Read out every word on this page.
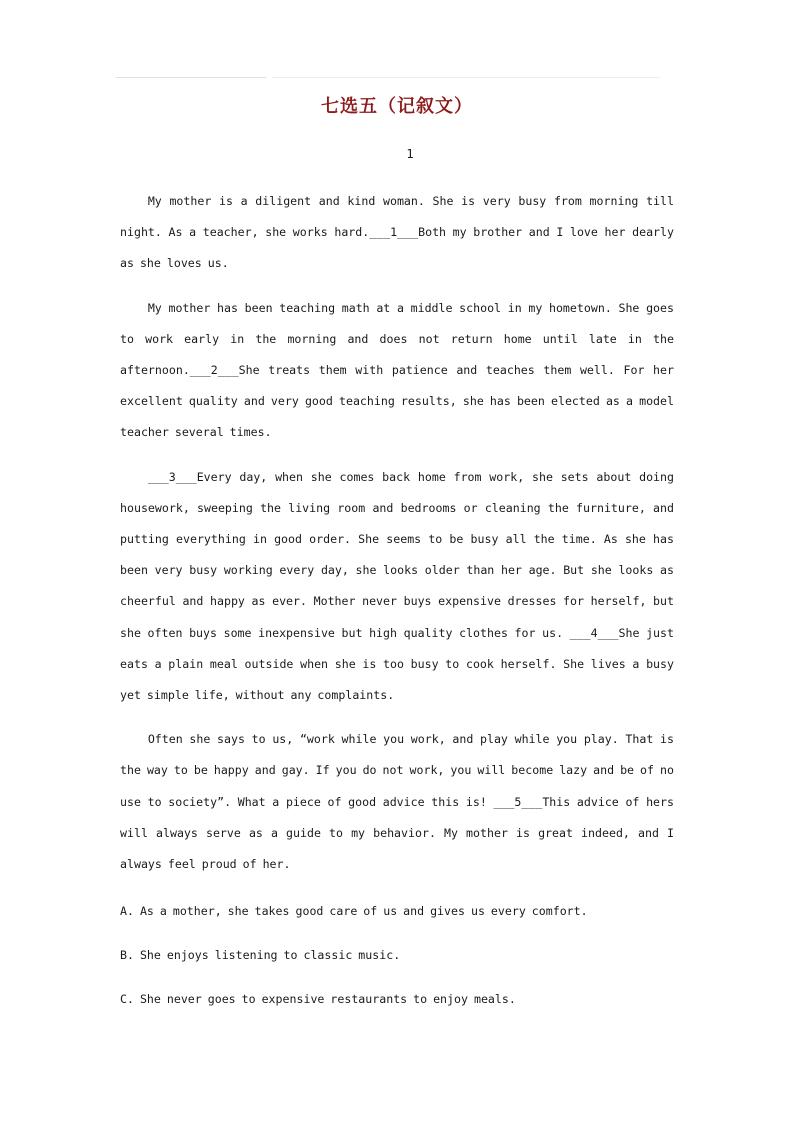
七选五（记叙文）
1

My mother is a diligent and kind woman. She is very busy from morning till night. As a teacher, she works hard.___1___Both my brother and I love her dearly as she loves us.

My mother has been teaching math at a middle school in my hometown. She goes to work early in the morning and does not return home until late in the afternoon.___2___She treats them with patience and teaches them well. For her excellent quality and very good teaching results, she has been elected as a model teacher several times.

___3___Every day, when she comes back home from work, she sets about doing housework, sweeping the living room and bedrooms or cleaning the furniture, and putting everything in good order. She seems to be busy all the time. As she has been very busy working every day, she looks older than her age. But she looks as cheerful and happy as ever. Mother never buys expensive dresses for herself, but she often buys some inexpensive but high quality clothes for us. ___4___She just eats a plain meal outside when she is too busy to cook herself. She lives a busy yet simple life, without any complaints.

Often she says to us, “work while you work, and play while you play. That is the way to be happy and gay. If you do not work, you will become lazy and be of no use to society”. What a piece of good advice this is! ___5___This advice of hers will always serve as a guide to my behavior. My mother is great indeed, and I always feel proud of her.

A. As a mother, she takes good care of us and gives us every comfort.
B. She enjoys listening to classic music.
C. She never goes to expensive restaurants to enjoy meals.
